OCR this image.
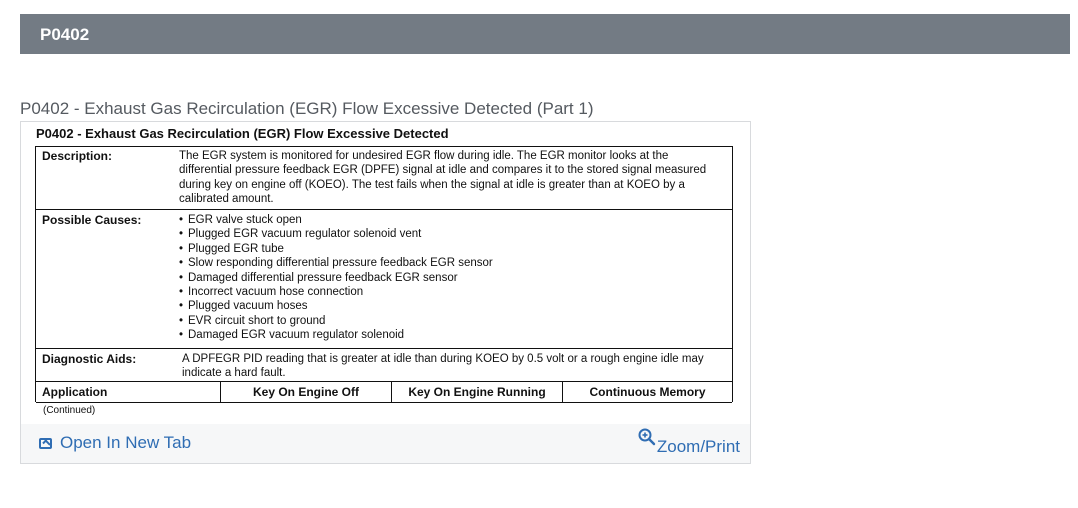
P0402
P0402 - Exhaust Gas Recirculation (EGR) Flow Excessive Detected (Part 1)
P0402 - Exhaust Gas Recirculation (EGR) Flow Excessive Detected
Description:	The EGR system is monitored for undesired EGR flow during idle. The EGR monitor looks at the differential pressure feedback EGR (DPFE) signal at idle and compares it to the stored signal measured during key on engine off (KOEO). The test fails when the signal at idle is greater than at KOEO by a calibrated amount.
Possible Causes:
•	EGR valve stuck open
• Plugged EGR vacuum regulator solenoid vent
• Plugged EGR tube
• Slow responding differential pressure feedback EGR sensor
• Damaged differential pressure feedback EGR sensor
• Incorrect vacuum hose connection
• Plugged vacuum hoses
• EVR circuit short to ground
• Damaged EGR vacuum regulator solenoid
Diagnostic Aids:	A DPFEGR PID reading that is greater at idle than during KOEO by 0.5 volt or a rough engine idle may indicate a hard fault.
Application	Key On Engine Off	Key On Engine Running	Continuous Memory
(Continued)
Open In New Tab	Zoom/Print
